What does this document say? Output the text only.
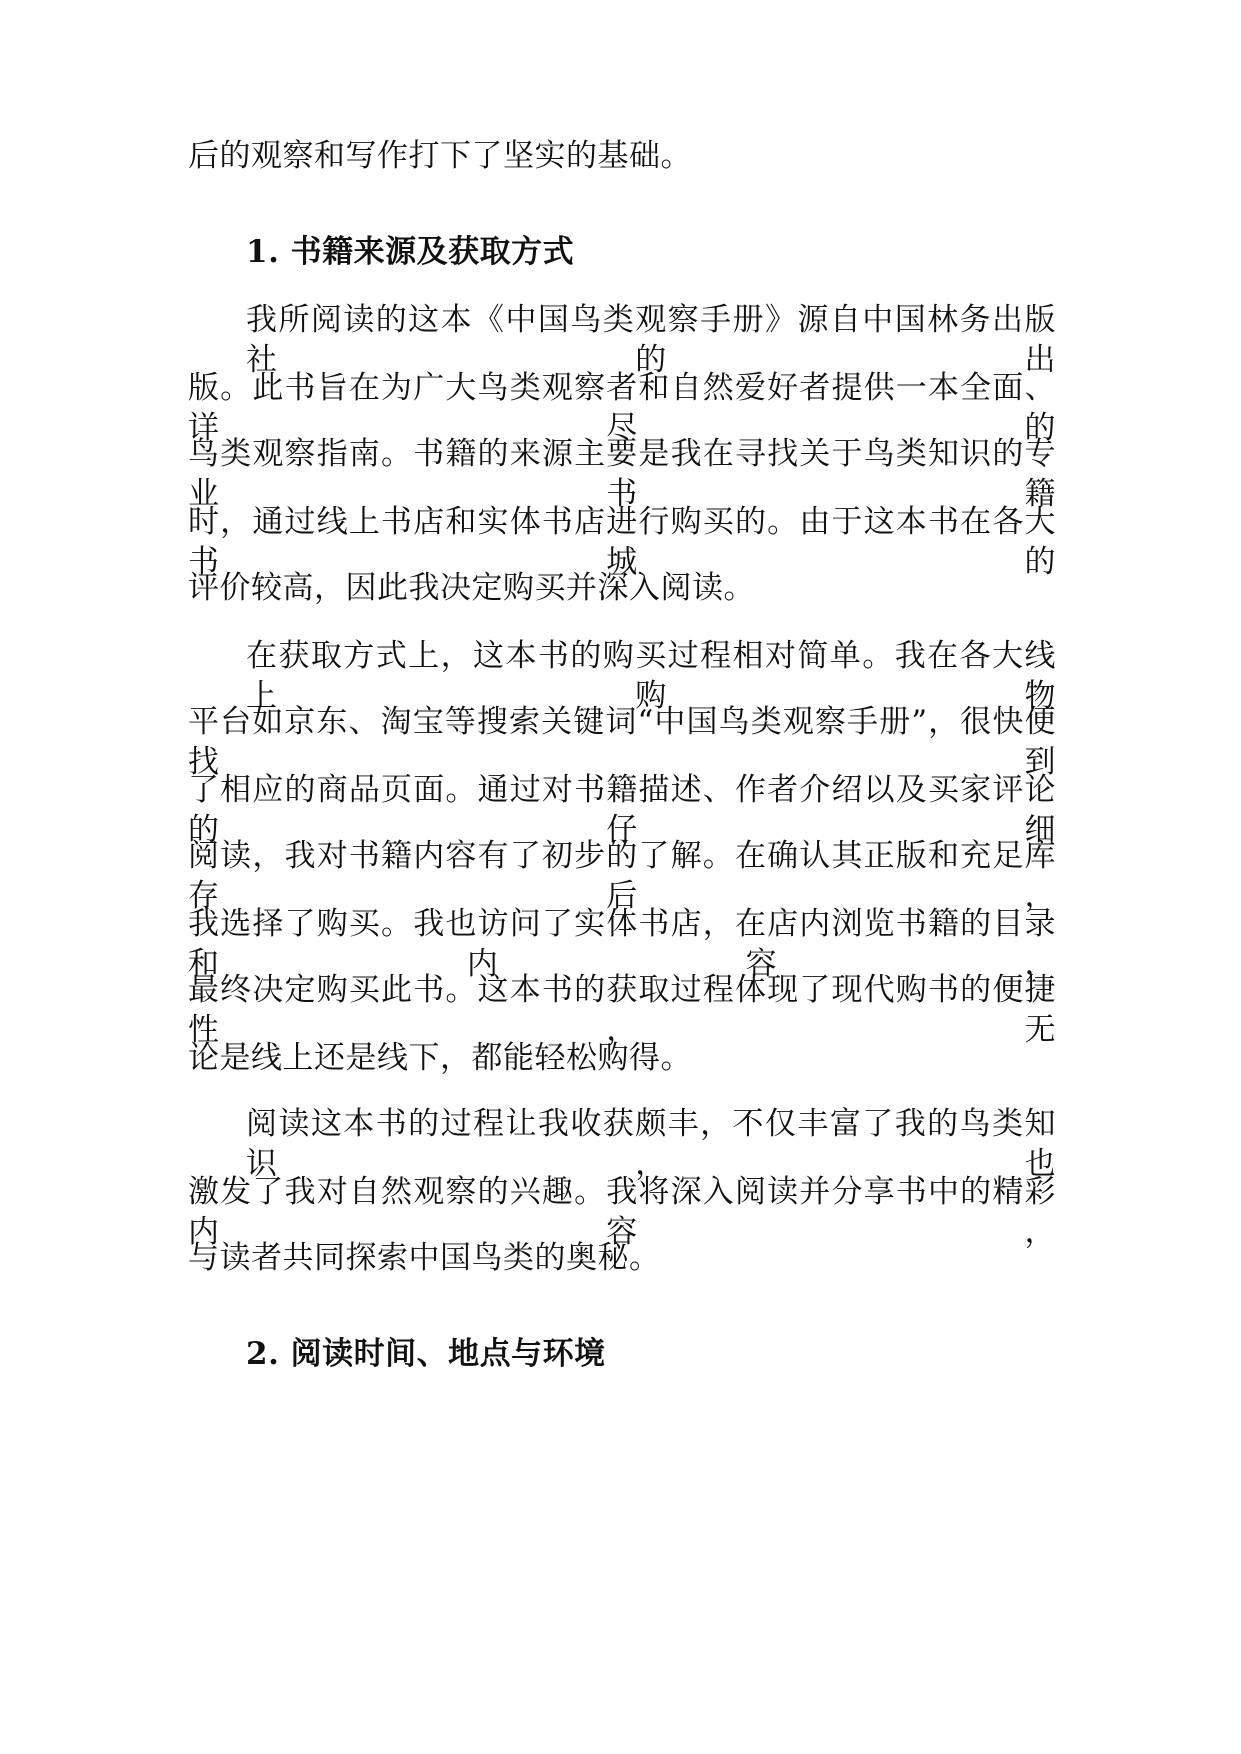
后的观察和写作打下了坚实的基础。
1. 书籍来源及获取方式
我所阅读的这本《中国鸟类观察手册》源自中国林务出版社的出
版。此书旨在为广大鸟类观察者和自然爱好者提供一本全面、详尽的
鸟类观察指南。书籍的来源主要是我在寻找关于鸟类知识的专业书籍
时，通过线上书店和实体书店进行购买的。由于这本书在各大书城的
评价较高，因此我决定购买并深入阅读。
在获取方式上，这本书的购买过程相对简单。我在各大线上购物
平台如京东、淘宝等搜索关键词“中国鸟类观察手册”，很快便找到
了相应的商品页面。通过对书籍描述、作者介绍以及买家评论的仔细
阅读，我对书籍内容有了初步的了解。在确认其正版和充足库存后，
我选择了购买。我也访问了实体书店，在店内浏览书籍的目录和内容，
最终决定购买此书。这本书的获取过程体现了现代购书的便捷性，无
论是线上还是线下，都能轻松购得。
阅读这本书的过程让我收获颇丰，不仅丰富了我的鸟类知识，也
激发了我对自然观察的兴趣。我将深入阅读并分享书中的精彩内容，
与读者共同探索中国鸟类的奥秘。
2. 阅读时间、地点与环境
